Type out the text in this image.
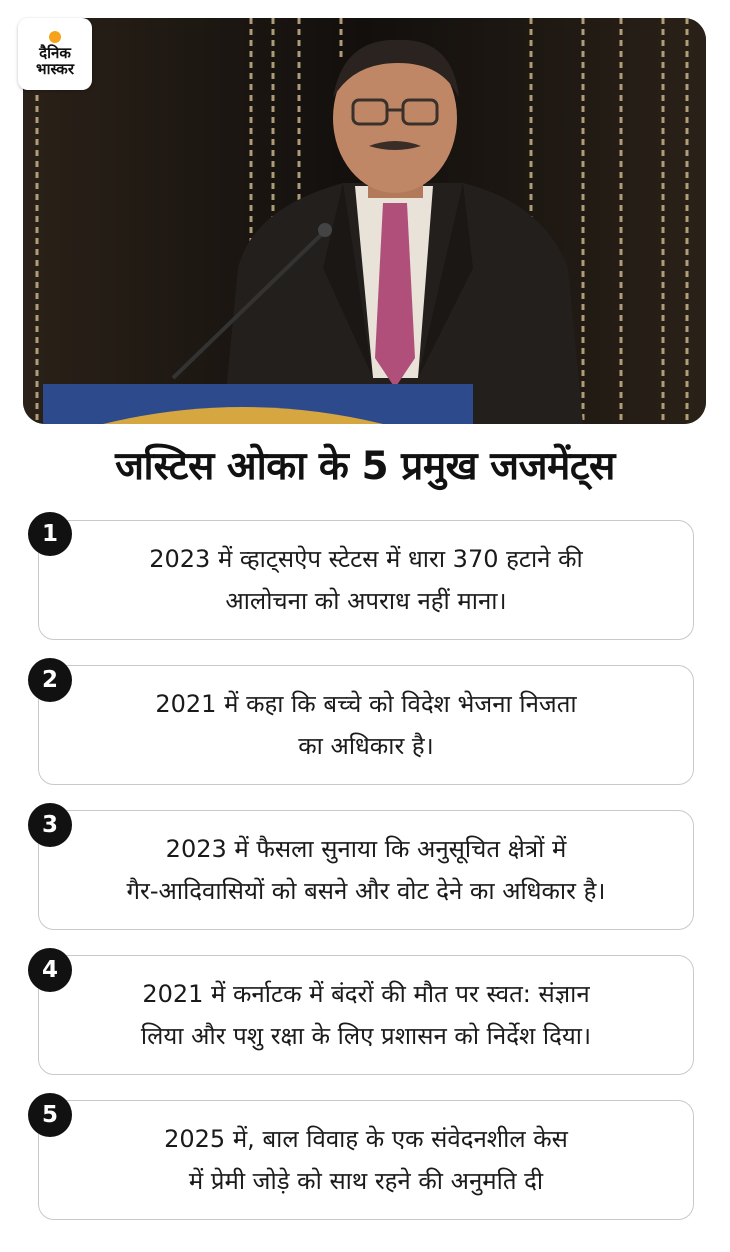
दैनिक
भास्कर
जस्टिस ओका के 5 प्रमुख जजमेंट्स
2023 में व्हाट्सऐप स्टेटस में धारा 370 हटाने की
आलोचना को अपराध नहीं माना।
1
2021 में कहा कि बच्चे को विदेश भेजना निजता
का अधिकार है।
2
2023 में फैसला सुनाया कि अनुसूचित क्षेत्रों में
गैर-आदिवासियों को बसने और वोट देने का अधिकार है।
3
2021 में कर्नाटक में बंदरों की मौत पर स्वत: संज्ञान
लिया और पशु रक्षा के लिए प्रशासन को निर्देश दिया।
4
2025 में, बाल विवाह के एक संवेदनशील केस
में प्रेमी जोड़े को साथ रहने की अनुमति दी
5
